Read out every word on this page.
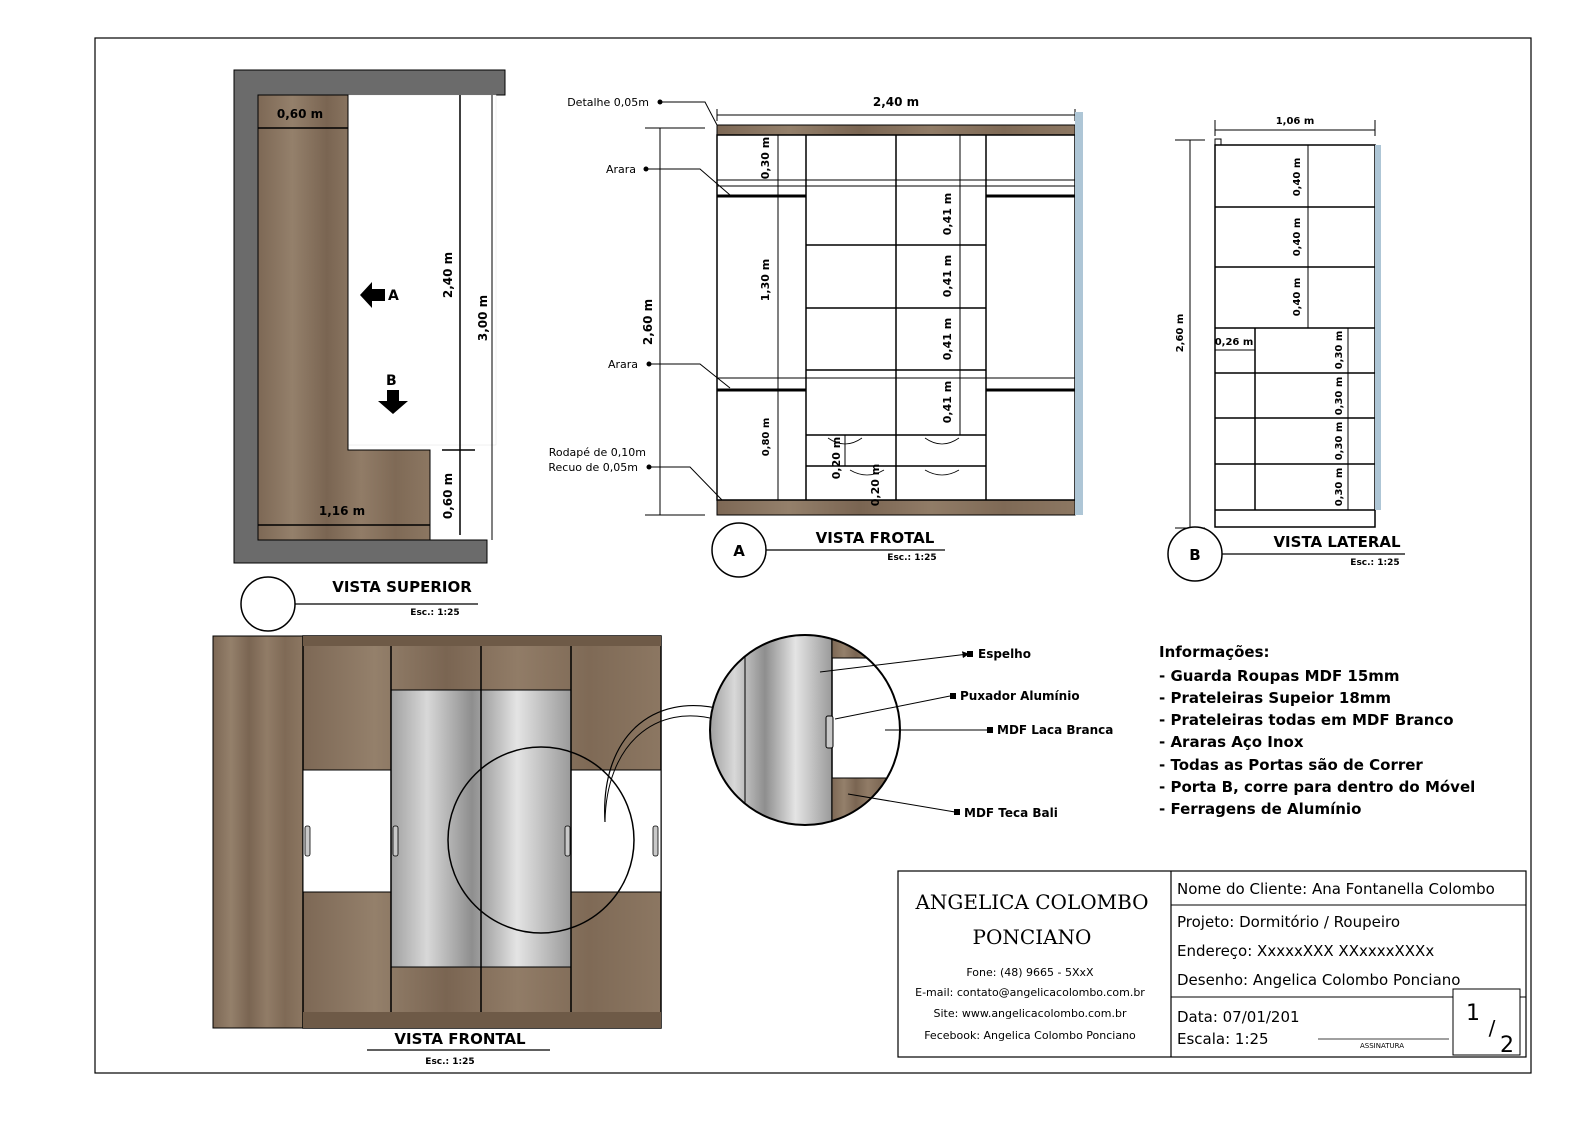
0,60 m
2,40 m
3,00 m
1,16 m	0,60 m
A
B
VISTA SUPERIOR
Esc.: 1:25
2,40 m
2,60 m
0,30 m
1,30 m
0,80 m
0,41 m
0,41 m
0,41 m
0,41 m
0,20 m
0,20 m
Detalhe 0,05m
Arara
Arara
Rodapé de 0,10m
Recuo de 0,05m
A
VISTA FROTAL
Esc.: 1:25
1,06 m
2,60 m
0,40 m
0,40 m
0,40 m
0,26 m	0,30 m
0,30 m
0,30 m
0,30 m
B
VISTA LATERAL
Esc.: 1:25
VISTA FRONTAL
Esc.: 1:25
Espelho
Puxador Alumínio
MDF Laca Branca
MDF Teca Bali
Informações:
- Guarda Roupas MDF 15mm
- Prateleiras Supeior 18mm
- Prateleiras todas em MDF Branco
- Araras Aço Inox
- Todas as Portas são de Correr
- Porta B, corre para dentro do Móvel
- Ferragens de Alumínio
ANGELICA COLOMBO
PONCIANO
Fone: (48) 9665 - 5XxX
E-mail: contato@angelicacolombo.com.br
Site: www.angelicacolombo.com.br
Fecebook: Angelica Colombo Ponciano
Nome do Cliente: Ana Fontanella Colombo
Projeto: Dormitório / Roupeiro
Endereço: XxxxxXXX XXxxxxXXXx
Desenho: Angelica Colombo Ponciano
Data: 07/01/201
Escala: 1:25	ASSINATURA
1
/
2
